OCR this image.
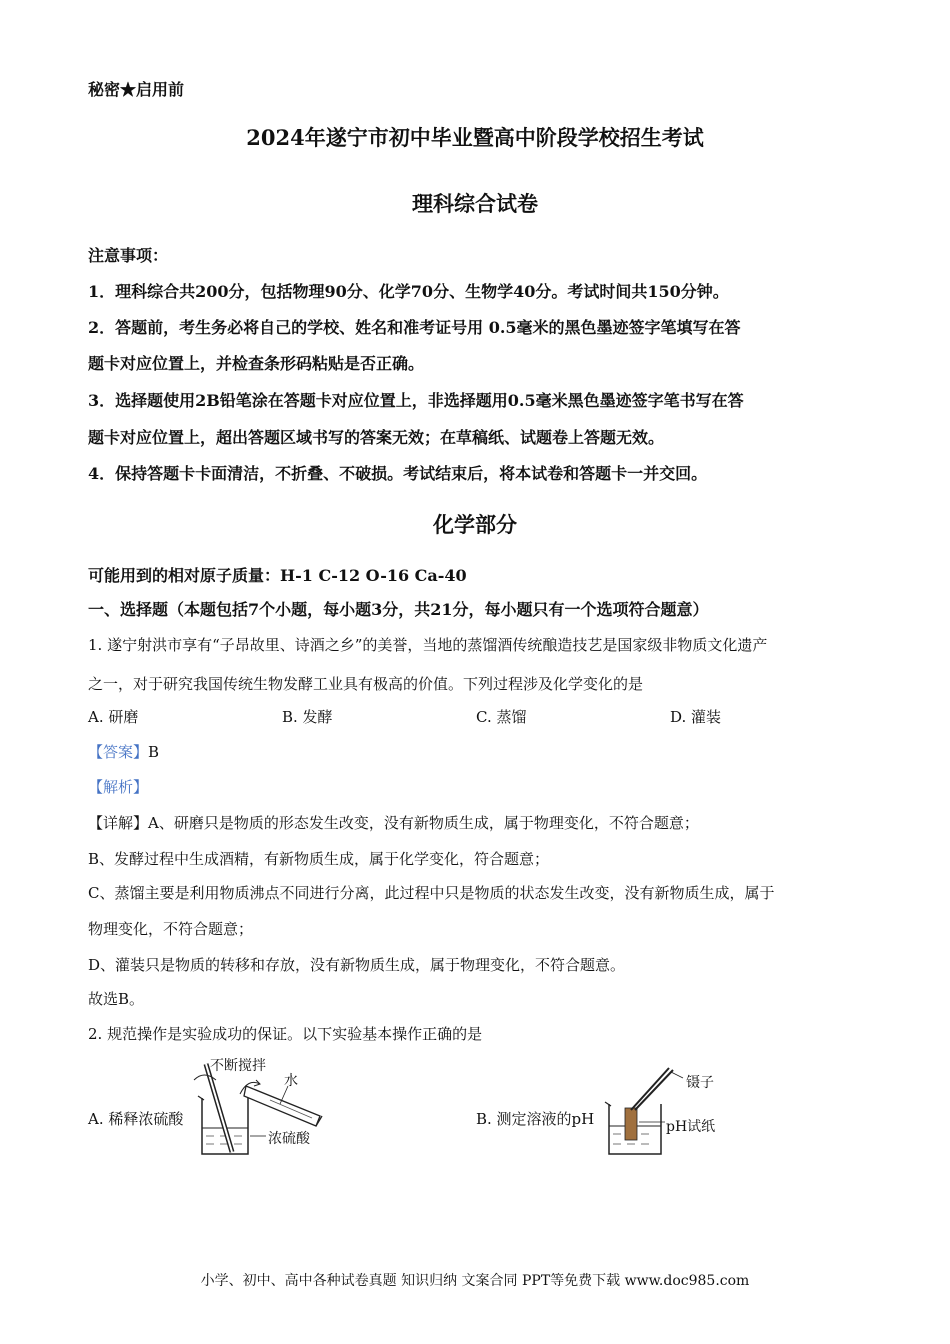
秘密★启用前
2024年遂宁市初中毕业暨高中阶段学校招生考试
理科综合试卷
注意事项：
1．理科综合共200分，包括物理90分、化学70分、生物学40分。考试时间共150分钟。
2．答题前，考生务必将自己的学校、姓名和准考证号用 0.5毫米的黑色墨迹签字笔填写在答
题卡对应位置上，并检查条形码粘贴是否正确。
3．选择题使用2B铅笔涂在答题卡对应位置上，非选择题用0.5毫米黑色墨迹签字笔书写在答
题卡对应位置上，超出答题区域书写的答案无效；在草稿纸、试题卷上答题无效。
4．保持答题卡卡面清洁，不折叠、不破损。考试结束后，将本试卷和答题卡一并交回。
化学部分
可能用到的相对原子质量：H-1 C-12 O-16 Ca-40
一、选择题（本题包括7个小题，每小题3分，共21分，每小题只有一个选项符合题意）
1. 遂宁射洪市享有“子昂故里、诗酒之乡”的美誉，当地的蒸馏酒传统酿造技艺是国家级非物质文化遗产
之一，对于研究我国传统生物发酵工业具有极高的价值。下列过程涉及化学变化的是
A. 研磨	B. 发酵	C. 蒸馏	D. 灌装
【答案】B
【解析】
【详解】A、研磨只是物质的形态发生改变，没有新物质生成，属于物理变化，不符合题意；
B、发酵过程中生成酒精，有新物质生成，属于化学变化，符合题意；
C、蒸馏主要是利用物质沸点不同进行分离，此过程中只是物质的状态发生改变，没有新物质生成，属于
物理变化，不符合题意；
D、灌装只是物质的转移和存放，没有新物质生成，属于物理变化，不符合题意。
故选B。
2. 规范操作是实验成功的保证。以下实验基本操作正确的是
A. 稀释浓硫酸	B. 测定溶液的pH
不断搅拌
水
浓硫酸
镊子
pH试纸
小学、初中、高中各种试卷真题 知识归纳 文案合同 PPT等免费下载 www.doc985.com
